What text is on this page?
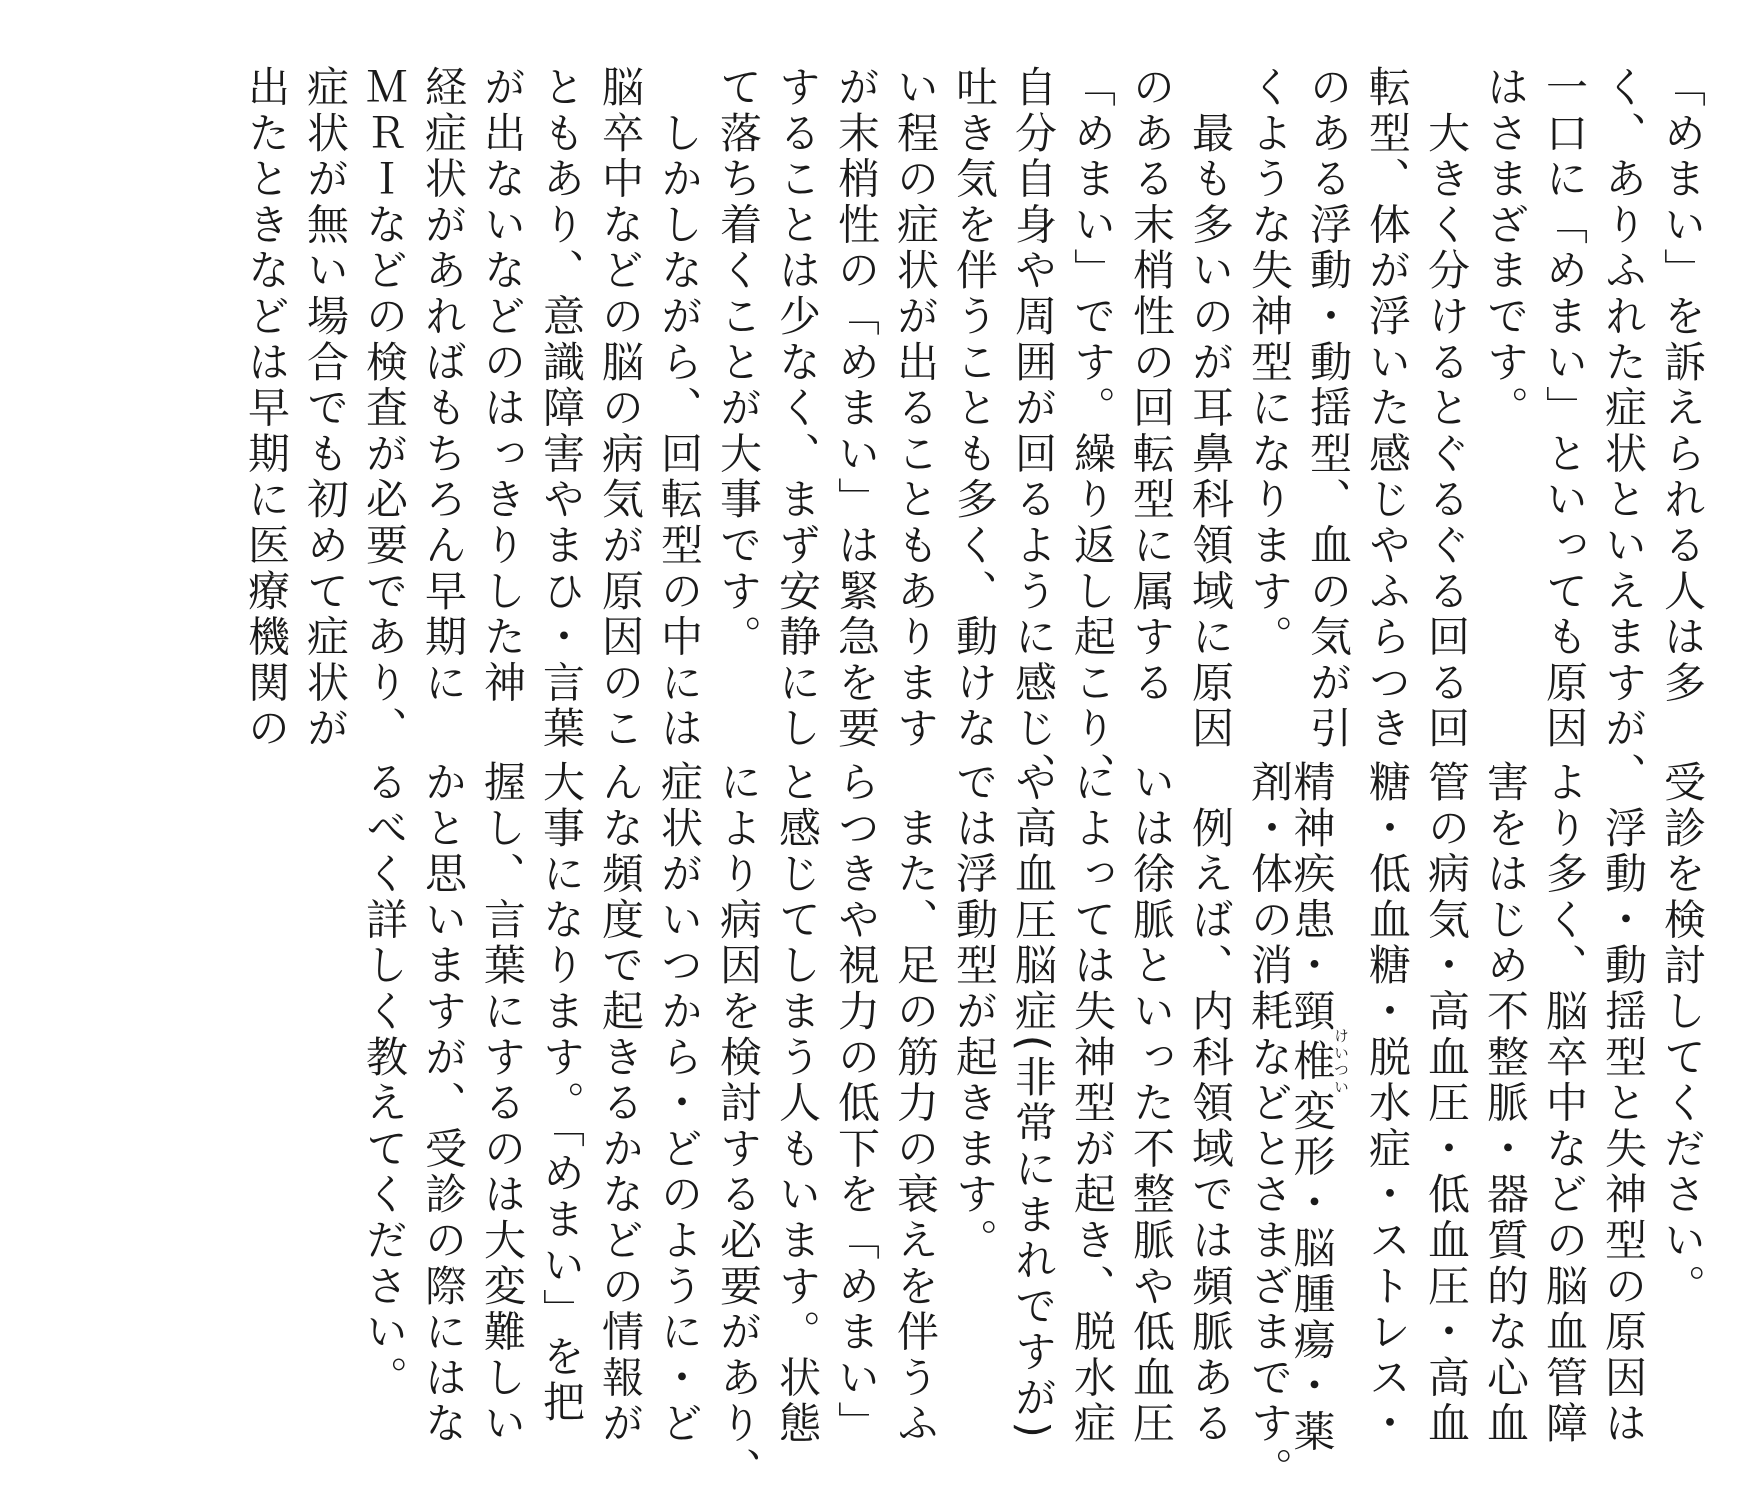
「めまい」を訴えられる人は多
く、ありふれた症状といえますが、
一口に「めまい」といっても原因
はさまざまです。
　大きく分けるとぐるぐる回る回
転型、体が浮いた感じやふらつき
のある浮動・動揺型、血の気が引
くような失神型になります。
　最も多いのが耳鼻科領域に原因
のある末梢性の回転型に属する
「めまい」です。繰り返し起こり、
自分自身や周囲が回るように感じ、
吐き気を伴うことも多く、動けな
い程の症状が出ることもあります
が末梢性の「めまい」は緊急を要
することは少なく、まず安静にし
て落ち着くことが大事です。
　しかしながら、回転型の中には
脳卒中などの脳の病気が原因のこ
ともあり、意識障害やまひ・言葉
が出ないなどのはっきりした神
経症状があればもちろん早期に
ＭＲＩなどの検査が必要であり、
症状が無い場合でも初めて症状が
出たときなどは早期に医療機関の
受診を検討してください。
　浮動・動揺型と失神型の原因は
より多く、脳卒中などの脳血管障
害をはじめ不整脈・器質的な心血
管の病気・高血圧・低血圧・高血
糖・低血糖・脱水症・ストレス・
精神疾患・頸椎けいつい変形・脳腫瘍・薬
剤・体の消耗などとさまざまです。
　例えば、内科領域では頻脈ある
いは徐脈といった不整脈や低血圧
によっては失神型が起き、脱水症
や高血圧脳症(非常にまれですが)
では浮動型が起きます。
　また、足の筋力の衰えを伴うふ
らつきや視力の低下を「めまい」
と感じてしまう人もいます。状態
により病因を検討する必要があり、
症状がいつから・どのように・ど
んな頻度で起きるかなどの情報が
大事になります。「めまい」を把
握し、言葉にするのは大変難しい
かと思いますが、受診の際にはな
るべく詳しく教えてください。
